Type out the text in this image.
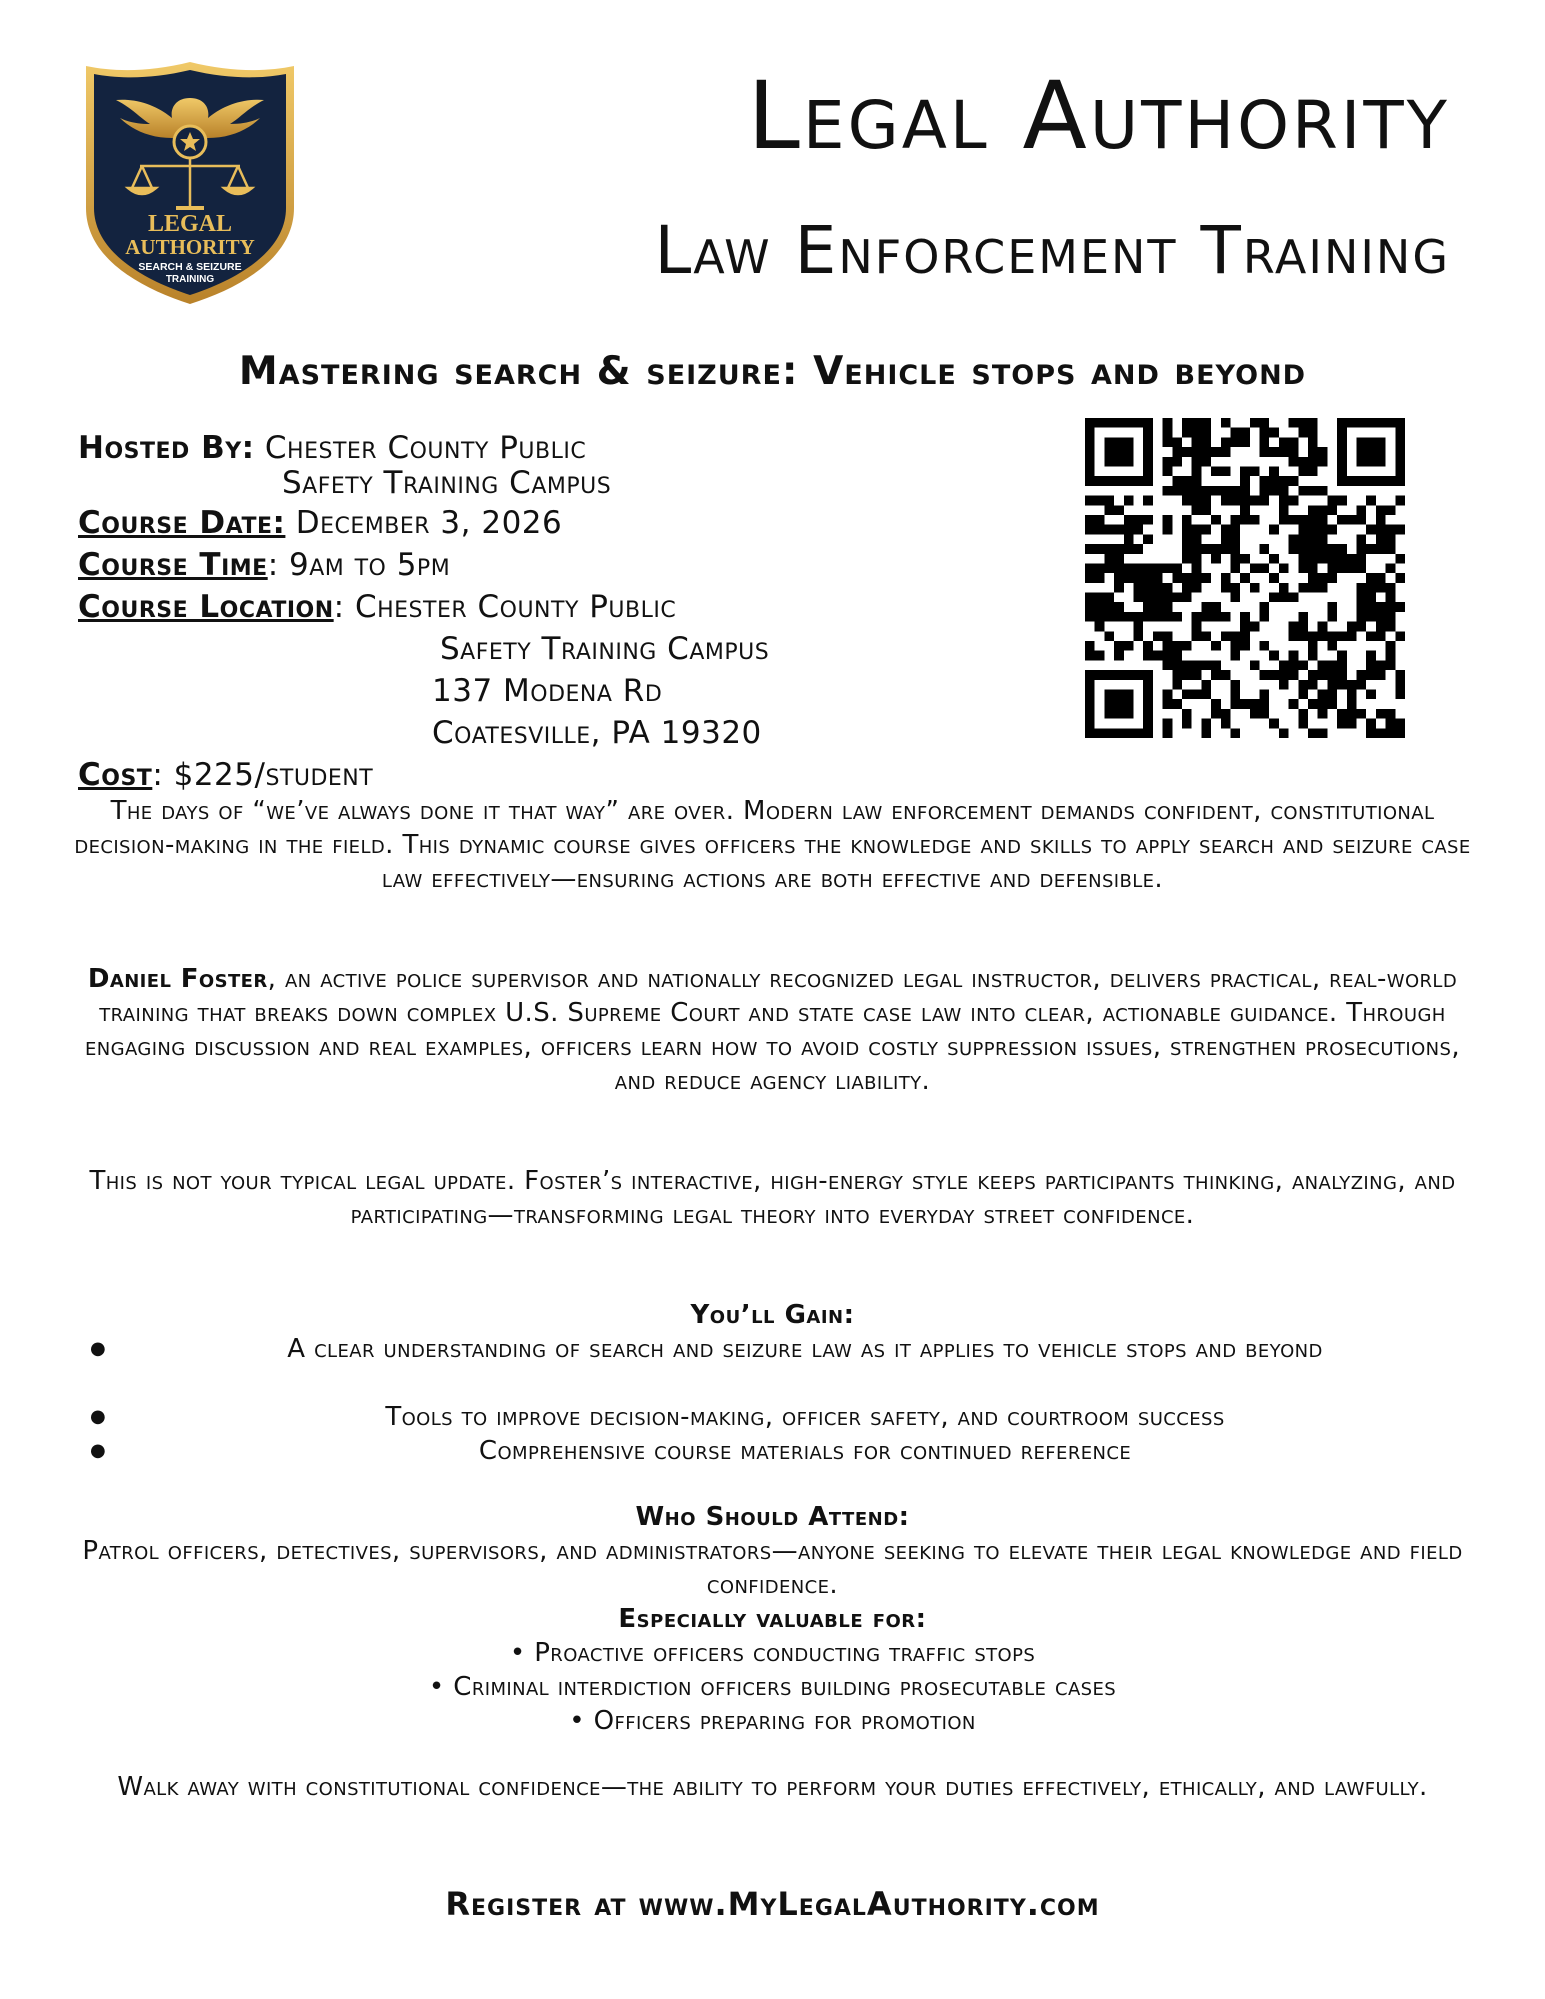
LEGAL
AUTHORITY
SEARCH & SEIZURE
TRAINING
Legal Authority
Law Enforcement Training
Mastering search & seizure: Vehicle stops and beyond
Hosted By: Chester County Public
Safety Training Campus
Course Date: December 3, 2026
Course Time: 9am to 5pm
Course Location: Chester County Public
Safety Training Campus
137 Modena Rd
Coatesville, PA 19320
Cost: $225/student
The days of “we’ve always done it that way” are over. Modern law enforcement demands confident, constitutional decision-making in the field. This dynamic course gives officers the knowledge and skills to apply search and seizure case law effectively—ensuring actions are both effective and defensible.
Daniel Foster, an active police supervisor and nationally recognized legal instructor, delivers practical, real-world training that breaks down complex U.S. Supreme Court and state case law into clear, actionable guidance. Through engaging discussion and real examples, officers learn how to avoid costly suppression issues, strengthen prosecutions, and reduce agency liability.
This is not your typical legal update. Foster’s interactive, high-energy style keeps participants thinking, analyzing, and participating—transforming legal theory into everyday street confidence.
You’ll Gain:
●	A clear understanding of search and seizure law as it applies to vehicle stops and beyond
●	Tools to improve decision-making, officer safety, and courtroom success
●	Comprehensive course materials for continued reference
Who Should Attend:
Patrol officers, detectives, supervisors, and administrators—anyone seeking to elevate their legal knowledge and field confidence.
Especially valuable for:
• Proactive officers conducting traffic stops
• Criminal interdiction officers building prosecutable cases
• Officers preparing for promotion
Walk away with constitutional confidence—the ability to perform your duties effectively, ethically, and lawfully.
Register at www.MyLegalAuthority.com
